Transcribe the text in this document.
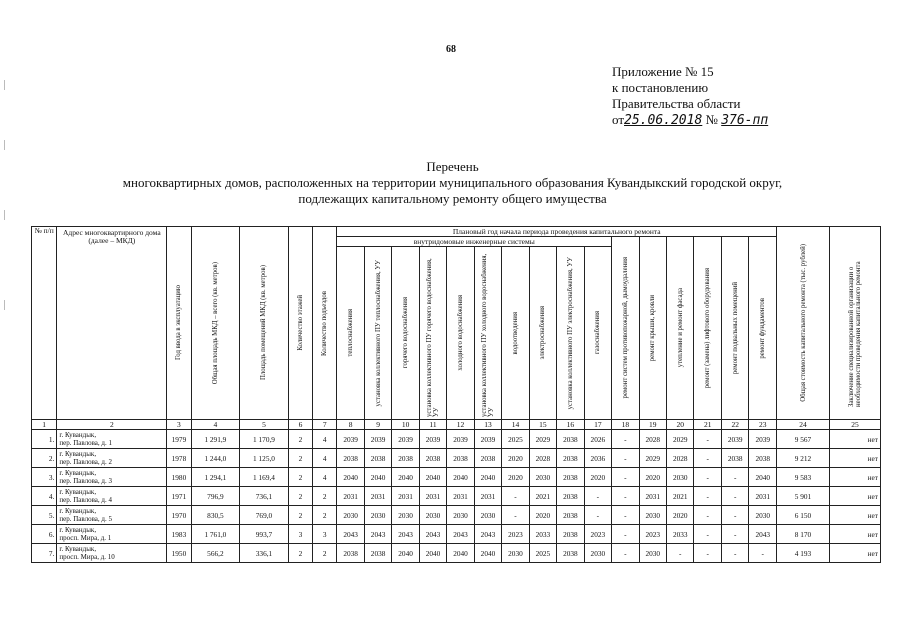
68
Приложение № 15
к постановлению
Правительства области
от25.06.2018 № 376-пп
Перечень
многоквартирных домов, расположенных на территории муниципального образования Кувандыкский городской округ,
подлежащих капитальному ремонту общего имущества
№ п/п	Адрес многоквартирного дома (далее – МКД)	Год ввода в эксплуатацию	Общая площадь МКД – всего (кв. метров)	Площадь помещений МКД (кв. метров)	Количество этажей	Количество подъездов	Плановый год начала периода проведения капитального ремонта																Общая стоимость капитального ремонта (тыс. рублей)	Заключение специализированной организации о необходимости проведения капитального ремонта

							внутридомовые инженерные системы										ремонт систем противопожарной, дымоудаления	ремонт крыши, кровли	утепление и ремонт фасада	ремонт (замена) лифтового оборудования	ремонт подвальных помещений	ремонт фундаментов		

							теплоснабжения	установка коллективного ПУ теплоснабжения, УУ	горячего водоснабжения	установка коллективного ПУ горячего водоснабжения, УУ	холодного водоснабжения	установка коллективного ПУ холодного водоснабжения, УУ	водоотведения	электроснабжения	установка коллективного ПУ электроснабжения, УУ	газоснабжения								

1	2	3	4	5	6	7	8	9	10	11	12	13	14	15	16	17	18	19	20	21	22	23	24	25
1.	г. Кувандык,
пер. Павлова, д. 1	1979	1 291,9	1 170,9	2	4	2039	2039	2039	2039	2039	2039	2025	2029	2038	2026	-	2028	2029	-	2039	2039	9 567	нет
2.	г. Кувандык,
пер. Павлова, д. 2	1978	1 244,0	1 125,0	2	4	2038	2038	2038	2038	2038	2038	2020	2028	2038	2036	-	2029	2028	-	2038	2038	9 212	нет
3.	г. Кувандык,
пер. Павлова, д. 3	1980	1 294,1	1 169,4	2	4	2040	2040	2040	2040	2040	2040	2020	2030	2038	2020	-	2020	2030	-	-	2040	9 583	нет
4.	г. Кувандык,
пер. Павлова, д. 4	1971	796,9	736,1	2	2	2031	2031	2031	2031	2031	2031	-	2021	2038	-	-	2031	2021	-	-	2031	5 901	нет
5.	г. Кувандык,
пер. Павлова, д. 5	1970	830,5	769,0	2	2	2030	2030	2030	2030	2030	2030	-	2020	2038	-	-	2030	2020	-	-	2030	6 150	нет
6.	г. Кувандык,
просп. Мира, д. 1	1983	1 761,0	993,7	3	3	2043	2043	2043	2043	2043	2043	2023	2033	2038	2023	-	2023	2033	-	-	2043	8 170	нет
7.	г. Кувандык,
просп. Мира, д. 10	1950	566,2	336,1	2	2	2038	2038	2040	2040	2040	2040	2030	2025	2038	2030	-	2030	-	-	-	-	4 193	нет
